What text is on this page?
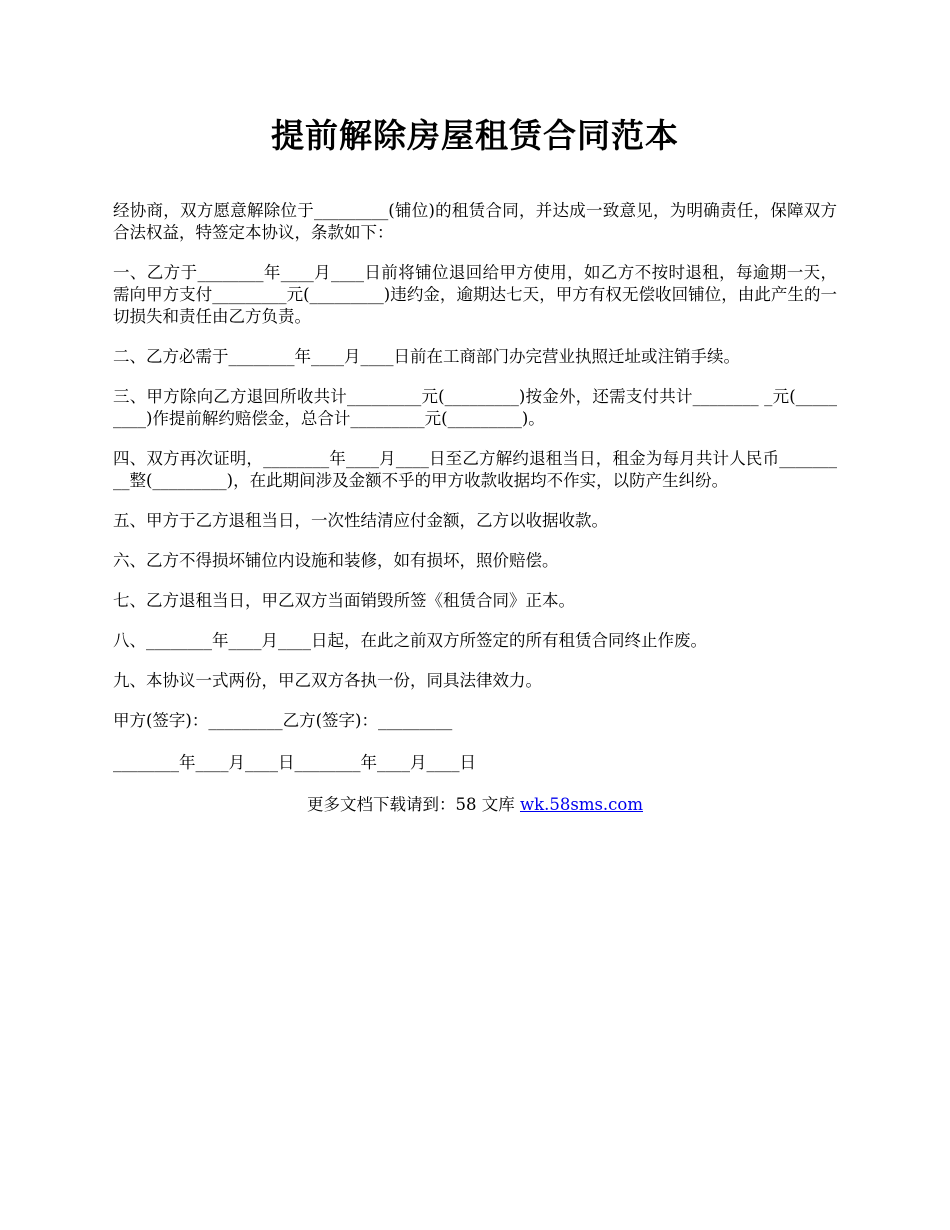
提前解除房屋租赁合同范本

经协商，双方愿意解除位于_________(铺位)的租赁合同，并达成一致意见，为明确责任，保障双方合法权益，特签定本协议，条款如下：

一、乙方于________年____月____日前将铺位退回给甲方使用，如乙方不按时退租，每逾期一天，需向甲方支付_________元(_________)违约金，逾期达七天，甲方有权无偿收回铺位，由此产生的一切损失和责任由乙方负责。

二、乙方必需于________年____月____日前在工商部门办完营业执照迁址或注销手续。

三、甲方除向乙方退回所收共计_________元(_________)按金外，还需支付共计________ _元(_________)作提前解约赔偿金，总合计_________元(_________)。

四、双方再次证明，________年____月____日至乙方解约退租当日，租金为每月共计人民币_________整(_________)，在此期间涉及金额不乎的甲方收款收据均不作实，以防产生纠纷。

五、甲方于乙方退租当日，一次性结清应付金额，乙方以收据收款。

六、乙方不得损坏铺位内设施和装修，如有损坏，照价赔偿。

七、乙方退租当日，甲乙双方当面销毁所签《租赁合同》正本。

八、________年____月____日起，在此之前双方所签定的所有租赁合同终止作废。

九、本协议一式两份，甲乙双方各执一份，同具法律效力。

甲方(签字)：_________乙方(签字)：_________
________年____月____日________年____月____日
更多文档下载请到：58 文库 wk.58sms.com
